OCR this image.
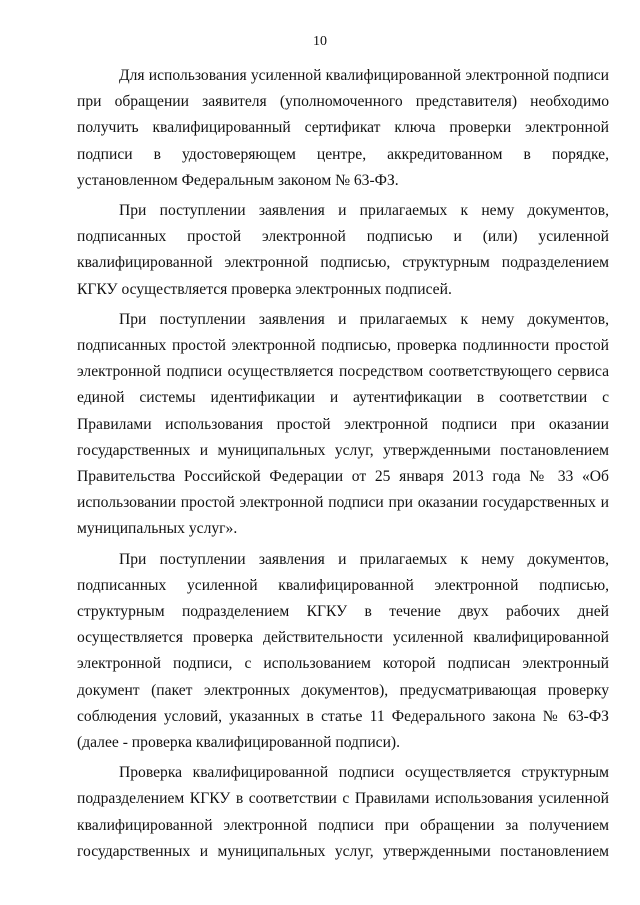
10

Для использования усиленной квалифицированной электронной подписи при обращении заявителя (уполномоченного представителя) необходимо получить квалифицированный сертификат ключа проверки электронной подписи в удостоверяющем центре, аккредитованном в порядке, установленном Федеральным законом № 63-ФЗ.

При поступлении заявления и прилагаемых к нему документов, подписанных простой электронной подписью и (или) усиленной квалифицированной электронной подписью, структурным подразделением КГКУ осуществляется проверка электронных подписей.

При поступлении заявления и прилагаемых к нему документов, подписанных простой электронной подписью, проверка подлинности простой электронной подписи осуществляется посредством соответствующего сервиса единой системы идентификации и аутентификации в соответствии с Правилами использования простой электронной подписи при оказании государственных и муниципальных услуг, утвержденными постановлением Правительства Российской Федерации от 25 января 2013 года № 33 «Об использовании простой электронной подписи при оказании государственных и муниципальных услуг».

При поступлении заявления и прилагаемых к нему документов, подписанных усиленной квалифицированной электронной подписью, структурным подразделением КГКУ в течение двух рабочих дней осуществляется проверка действительности усиленной квалифицированной электронной подписи, с использованием которой подписан электронный документ (пакет электронных документов), предусматривающая проверку соблюдения условий, указанных в статье 11 Федерального закона № 63-ФЗ (далее - проверка квалифицированной подписи).

Проверка квалифицированной подписи осуществляется структурным подразделением КГКУ в соответствии с Правилами использования усиленной квалифицированной электронной подписи при обращении за получением государственных и муниципальных услуг, утвержденными постановлением
